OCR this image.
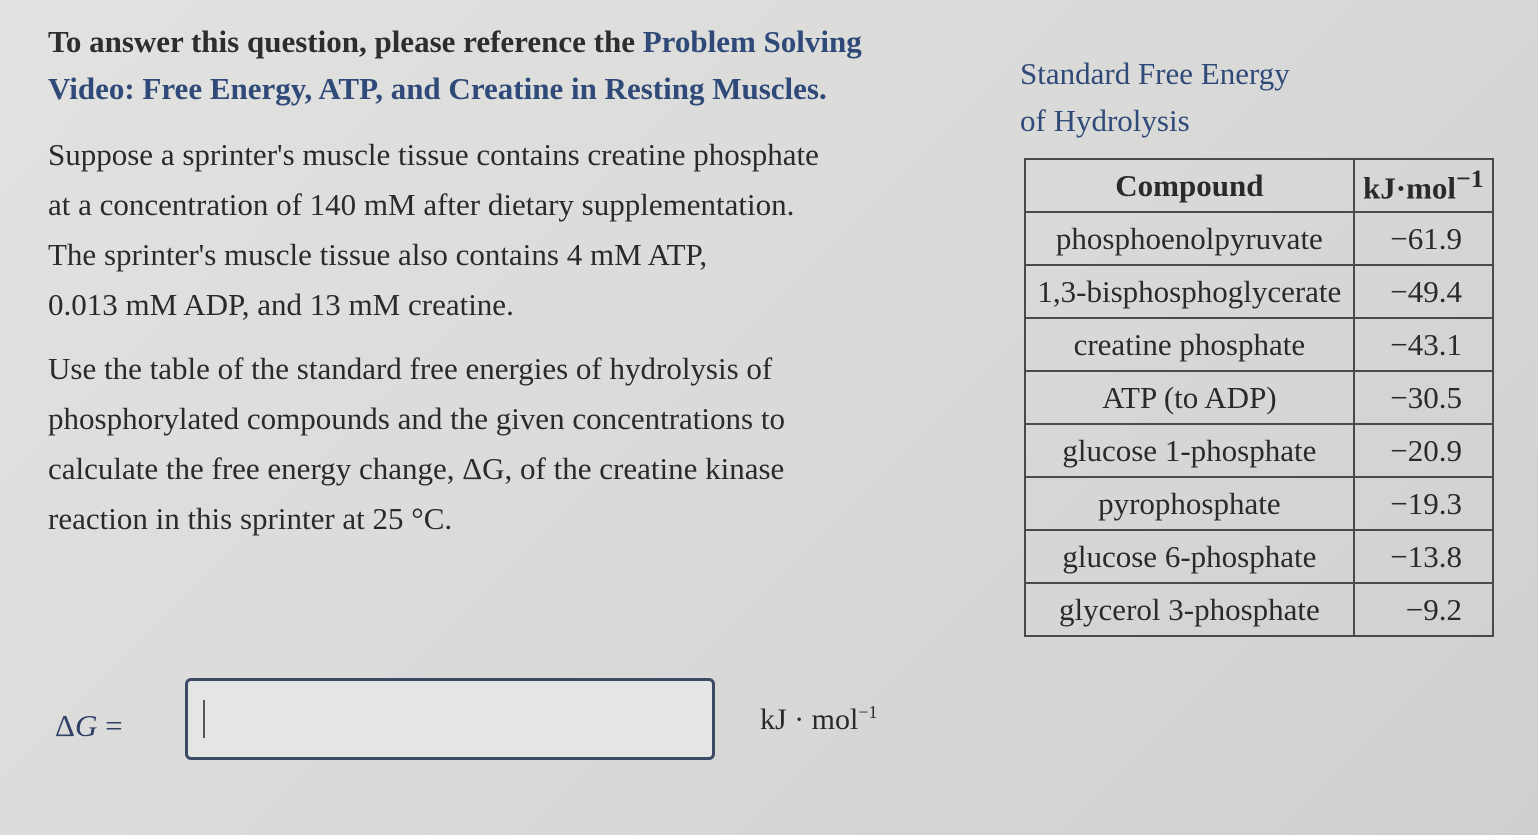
To answer this question, please reference the Problem Solving
Video: Free Energy, ATP, and Creatine in Resting Muscles.
Suppose a sprinter's muscle tissue contains creatine phosphate
at a concentration of 140 mM after dietary supplementation.
The sprinter's muscle tissue also contains 4 mM ATP,
0.013 mM ADP, and 13 mM creatine.
Use the table of the standard free energies of hydrolysis of
phosphorylated compounds and the given concentrations to
calculate the free energy change, ΔG, of the creatine kinase
reaction in this sprinter at 25 °C.
Standard Free Energy
of Hydrolysis
Compound	kJ·mol$^{-1}$
phosphoenolpyruvate	−61.9
1,3-bisphosphoglycerate	−49.4
creatine phosphate	−43.1
ATP (to ADP)	−30.5
glucose 1-phosphate	−20.9
pyrophosphate	−19.3
glucose 6-phosphate	−13.8
glycerol 3-phosphate	−9.2
ΔG =	kJ · mol$^{-1}$
